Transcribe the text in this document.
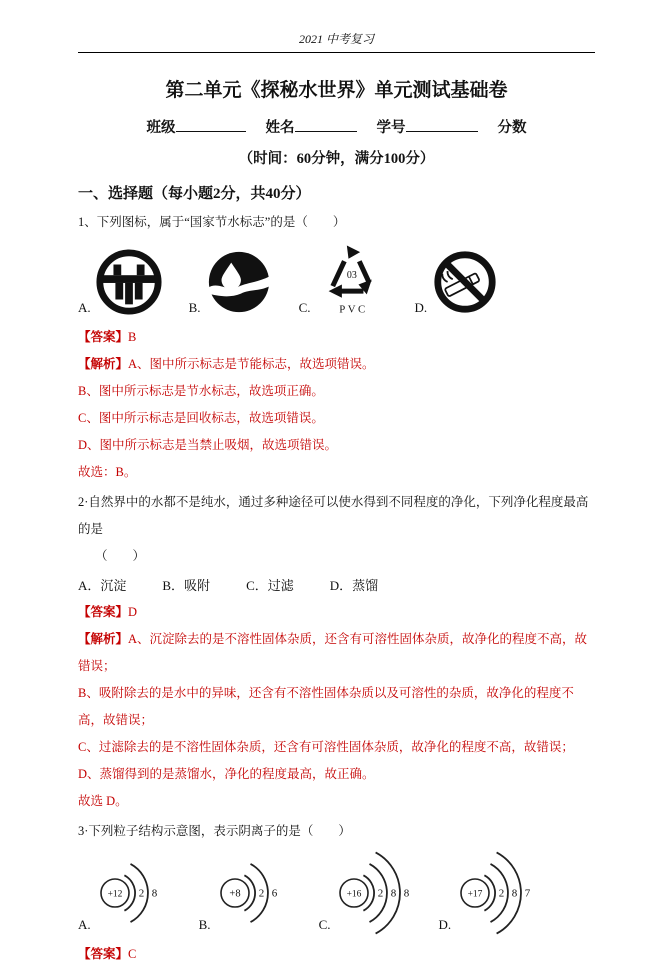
2021 中考复习
第二单元《探秘水世界》单元测试基础卷
班级	姓名	学号	分数
（时间：60分钟，满分100分）
一、选择题（每小题2分，共40分）

1、下列图标，属于“国家节水标志”的是（　　）

A.	B.	C.
03
PVC	D.

【答案】B

【解析】A、图中所示标志是节能标志，故选项错误。

B、图中所示标志是节水标志，故选项正确。

C、图中所示标志是回收标志，故选项错误。

D、图中所示标志是当禁止吸烟，故选项错误。

故选：B。

2·自然界中的水都不是纯水，通过多种途径可以使水得到不同程度的净化，下列净化程度最高的是
（　　）

A．沉淀	B．吸附	C．过滤	D．蒸馏

【答案】D

【解析】A、沉淀除去的是不溶性固体杂质，还含有可溶性固体杂质，故净化的程度不高，故错误；

B、吸附除去的是水中的异味，还含有不溶性固体杂质以及可溶性的杂质，故净化的程度不高，故错误；

C、过滤除去的是不溶性固体杂质，还含有可溶性固体杂质，故净化的程度不高，故错误；

D、蒸馏得到的是蒸馏水，净化的程度最高，故正确。

故选 D。

3·下列粒子结构示意图，表示阴离子的是（　　）

A.
+12 2 8
B.
+8 2 6
C.
+16 2 8 8
D.
+17 2 8 7

【答案】C
